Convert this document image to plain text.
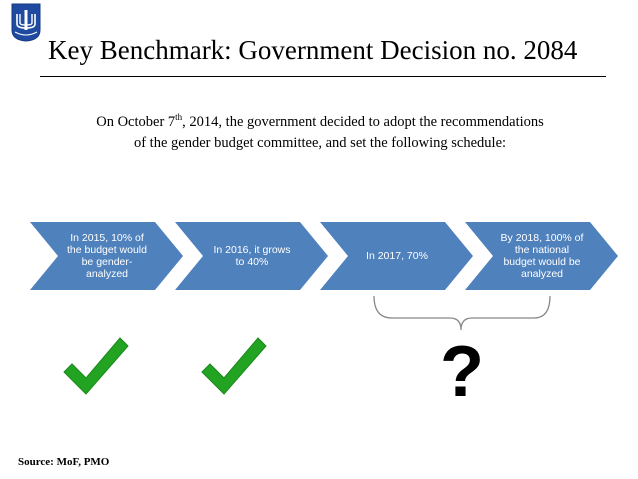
Key Benchmark: Government Decision no. 2084
On October 7th, 2014, the government decided to adopt the recommendations
of the gender budget committee, and set the following schedule:
In 2015, 10% of
the budget would
be gender-
analyzed
In 2016, it grows
to 40%	In 2017, 70%
By 2018, 100% of
the national
budget would be
analyzed
?
Source: MoF, PMO
